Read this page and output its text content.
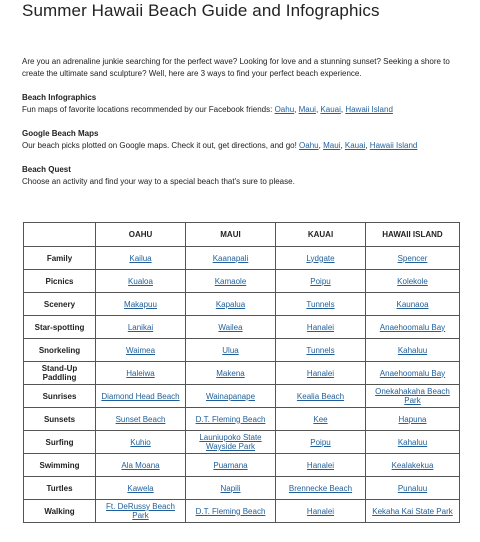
Summer Hawaii Beach Guide and Infographics

Are you an adrenaline junkie searching for the perfect wave? Looking for love and a stunning sunset? Seeking a shore to create the ultimate sand sculpture? Well, here are 3 ways to find your perfect beach experience.

Beach Infographics

Fun maps of favorite locations recommended by our Facebook friends: Oahu, Maui, Kauai, Hawaii Island

Google Beach Maps

Our beach picks plotted on Google maps. Check it out, get directions, and go! Oahu, Maui, Kauai, Hawaii Island

Beach Quest

Choose an activity and find your way to a special beach that's sure to please.

	OAHU	MAUI	KAUAI	HAWAII ISLAND
Family	Kailua	Kaanapali	Lydgate	Spencer
Picnics	Kualoa	Kamaole	Poipu	Kolekole
Scenery	Makapuu	Kapalua	Tunnels	Kaunaoa
Star-spotting	Lanikai	Wailea	Hanalei	Anaehoomalu Bay
Snorkeling	Waimea	Ulua	Tunnels	Kahaluu
Stand-Up Paddling	Haleiwa	Makena	Hanalei	Anaehoomalu Bay
Sunrises	Diamond Head Beach	Wainapanape	Kealia Beach	Onekahakaha Beach Park
Sunsets	Sunset Beach	D.T. Fleming Beach	Kee	Hapuna
Surfing	Kuhio	Launiupoko State Wayside Park	Poipu	Kahaluu
Swimming	Ala Moana	Puamana	Hanalei	Kealakekua
Turtles	Kawela	Napili	Brennecke Beach	Punaluu
Walking	Ft. DeRussy Beach Park	D.T. Fleming Beach	Hanalei	Kekaha Kai State Park
